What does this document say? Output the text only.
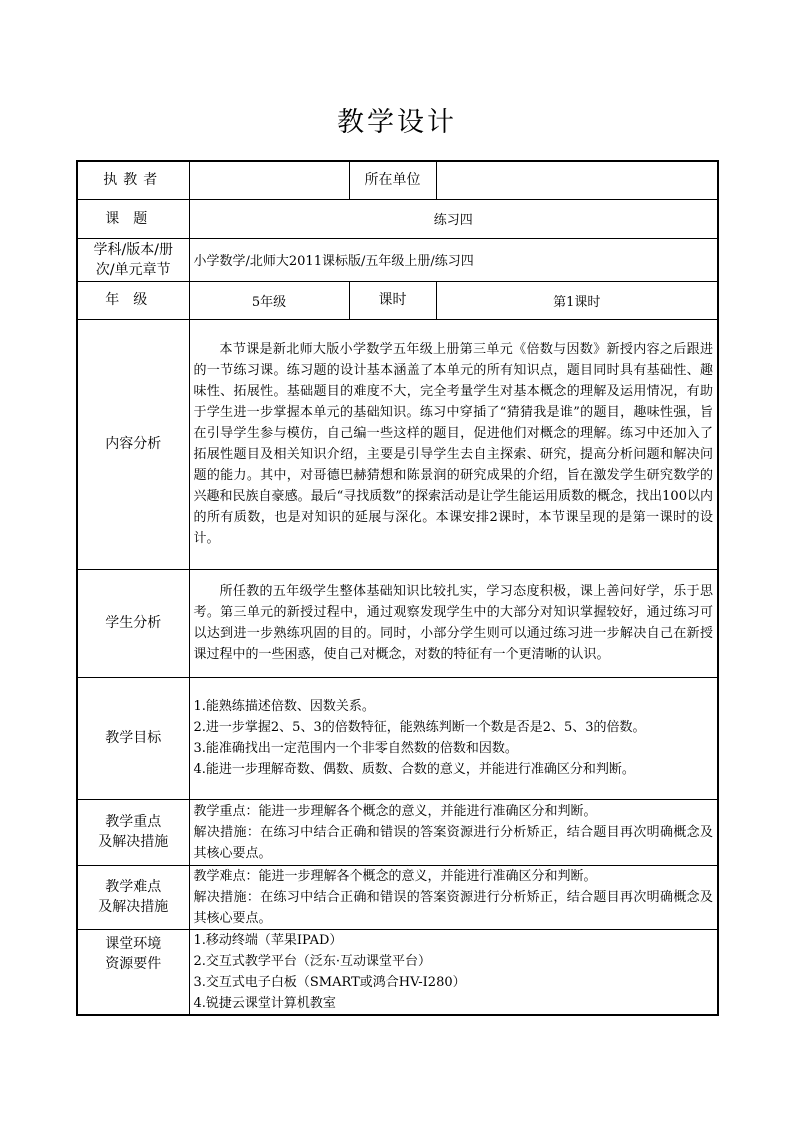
教学设计
执教者		所在单位	
课题	练习四		

学科/版本/册
次/单元章节	小学数学/北师大2011课标版/五年级上册/练习四		
年级	5年级	课时	第1课时
内容分析	本节课是新北师大版小学数学五年级上册第三单元《倍数与因数》新授内容之后跟进的一节练习课。练习题的设计基本涵盖了本单元的所有知识点，题目同时具有基础性、趣味性、拓展性。基础题目的难度不大，完全考量学生对基本概念的理解及运用情况，有助于学生进一步掌握本单元的基础知识。练习中穿插了“猜猜我是谁”的题目，趣味性强，旨在引导学生参与模仿，自己编一些这样的题目，促进他们对概念的理解。练习中还加入了拓展性题目及相关知识介绍，主要是引导学生去自主探索、研究，提高分析问题和解决问题的能力。其中，对哥德巴赫猜想和陈景润的研究成果的介绍，旨在激发学生研究数学的兴趣和民族自豪感。最后“寻找质数”的探索活动是让学生能运用质数的概念，找出100以内的所有质数，也是对知识的延展与深化。本课安排2课时，本节课呈现的是第一课时的设计。		

学生分析	所任教的五年级学生整体基础知识比较扎实，学习态度积极，课上善问好学，乐于思考。第三单元的新授过程中，通过观察发现学生中的大部分对知识掌握较好，通过练习可以达到进一步熟练巩固的目的。同时，小部分学生则可以通过练习进一步解决自己在新授课过程中的一些困惑，使自己对概念，对数的特征有一个更清晰的认识。		

教学目标	1.能熟练描述倍数、因数关系。
2.进一步掌握2、5、3的倍数特征，能熟练判断一个数是否是2、5、3的倍数。
3.能准确找出一定范围内一个非零自然数的倍数和因数。
4.能进一步理解奇数、偶数、质数、合数的意义，并能进行准确区分和判断。		

教学重点
及解决措施	教学重点：能进一步理解各个概念的意义，并能进行准确区分和判断。
解决措施：在练习中结合正确和错误的答案资源进行分析矫正，结合题目再次明确概念及其核心要点。		

教学难点
及解决措施	教学难点：能进一步理解各个概念的意义，并能进行准确区分和判断。
解决措施：在练习中结合正确和错误的答案资源进行分析矫正，结合题目再次明确概念及其核心要点。		

课堂环境
资源要件	1.移动终端（苹果IPAD）
2.交互式教学平台（泛东·互动课堂平台）
3.交互式电子白板（SMART或鸿合HV-I280）
4.锐捷云课堂计算机教室		
